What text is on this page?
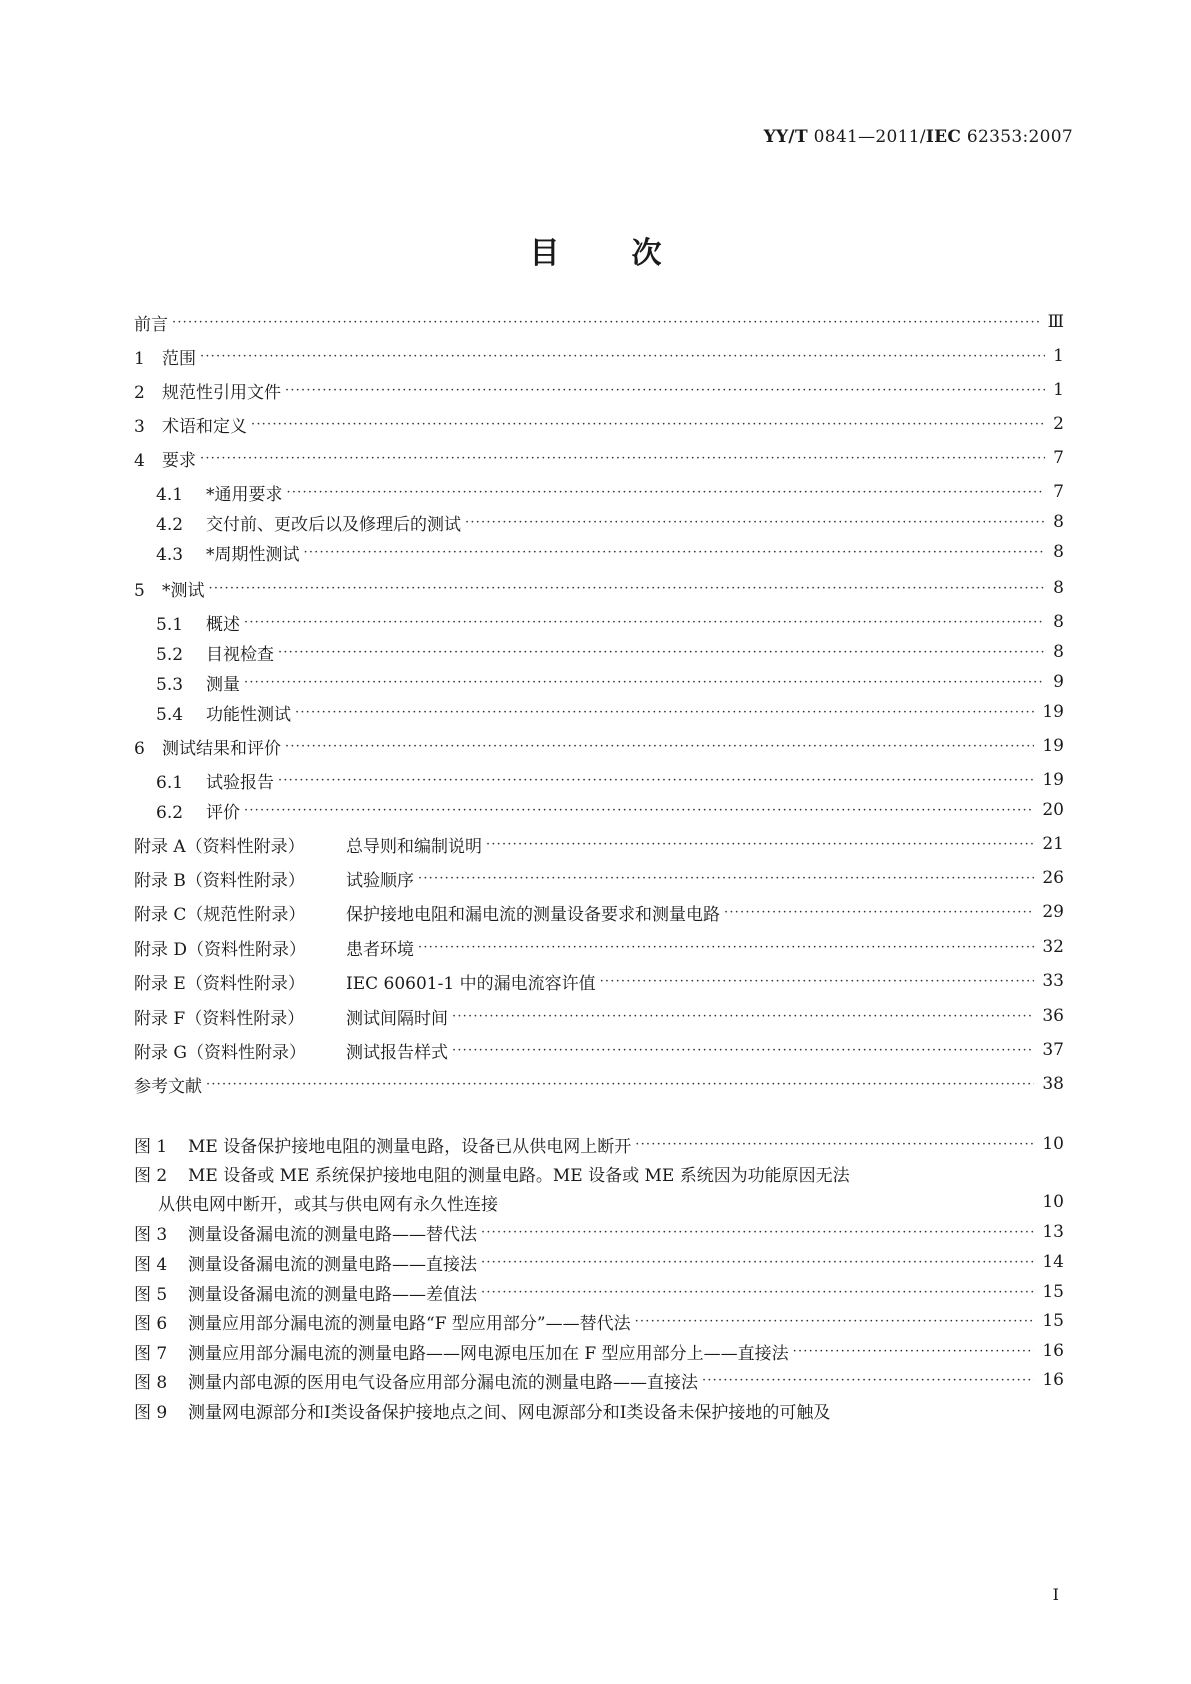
YY/T 0841—2011/IEC 62353:2007
目 次
前言 ·····	Ⅲ
1 范围 ·····	1
2 规范性引用文件 ·····	1
3 术语和定义 ·····	2
4 要求 ·····	7
4.1 *通用要求 ·····	7
4.2 交付前、更改后以及修理后的测试 ·····	8
4.3 *周期性测试 ·····	8
5 *测试 ·····	8
5.1 概述 ·····	8
5.2 目视检查 ·····	8
5.3 测量 ·····	9
5.4 功能性测试 ·····	19
6 测试结果和评价 ·····	19
6.1 试验报告 ·····	19
6.2 评价 ·····	20
附录 A（资料性附录） 总导则和编制说明 ·····	21
附录 B（资料性附录） 试验顺序 ·····	26
附录 C（规范性附录） 保护接地电阻和漏电流的测量设备要求和测量电路 ·····	29
附录 D（资料性附录） 患者环境 ·····	32
附录 E（资料性附录） IEC 60601-1 中的漏电流容许值 ·····	33
附录 F（资料性附录） 测试间隔时间 ·····	36
附录 G（资料性附录） 测试报告样式 ·····	37
参考文献 ·····	38
图 1 ME 设备保护接地电阻的测量电路，设备已从供电网上断开 ·····	10
图 2 ME 设备或 ME 系统保护接地电阻的测量电路。ME 设备或 ME 系统因为功能原因无法
从供电网中断开，或其与供电网有永久性连接	10
图 3 测量设备漏电流的测量电路——替代法 ·····	13
图 4 测量设备漏电流的测量电路——直接法 ·····	14
图 5 测量设备漏电流的测量电路——差值法 ·····	15
图 6 测量应用部分漏电流的测量电路“F 型应用部分”——替代法 ·····	15
图 7 测量应用部分漏电流的测量电路——网电源电压加在 F 型应用部分上——直接法 ·····	16
图 8 测量内部电源的医用电气设备应用部分漏电流的测量电路——直接法 ·····	16
图 9 测量网电源部分和Ⅰ类设备保护接地点之间、网电源部分和Ⅰ类设备未保护接地的可触及
I
